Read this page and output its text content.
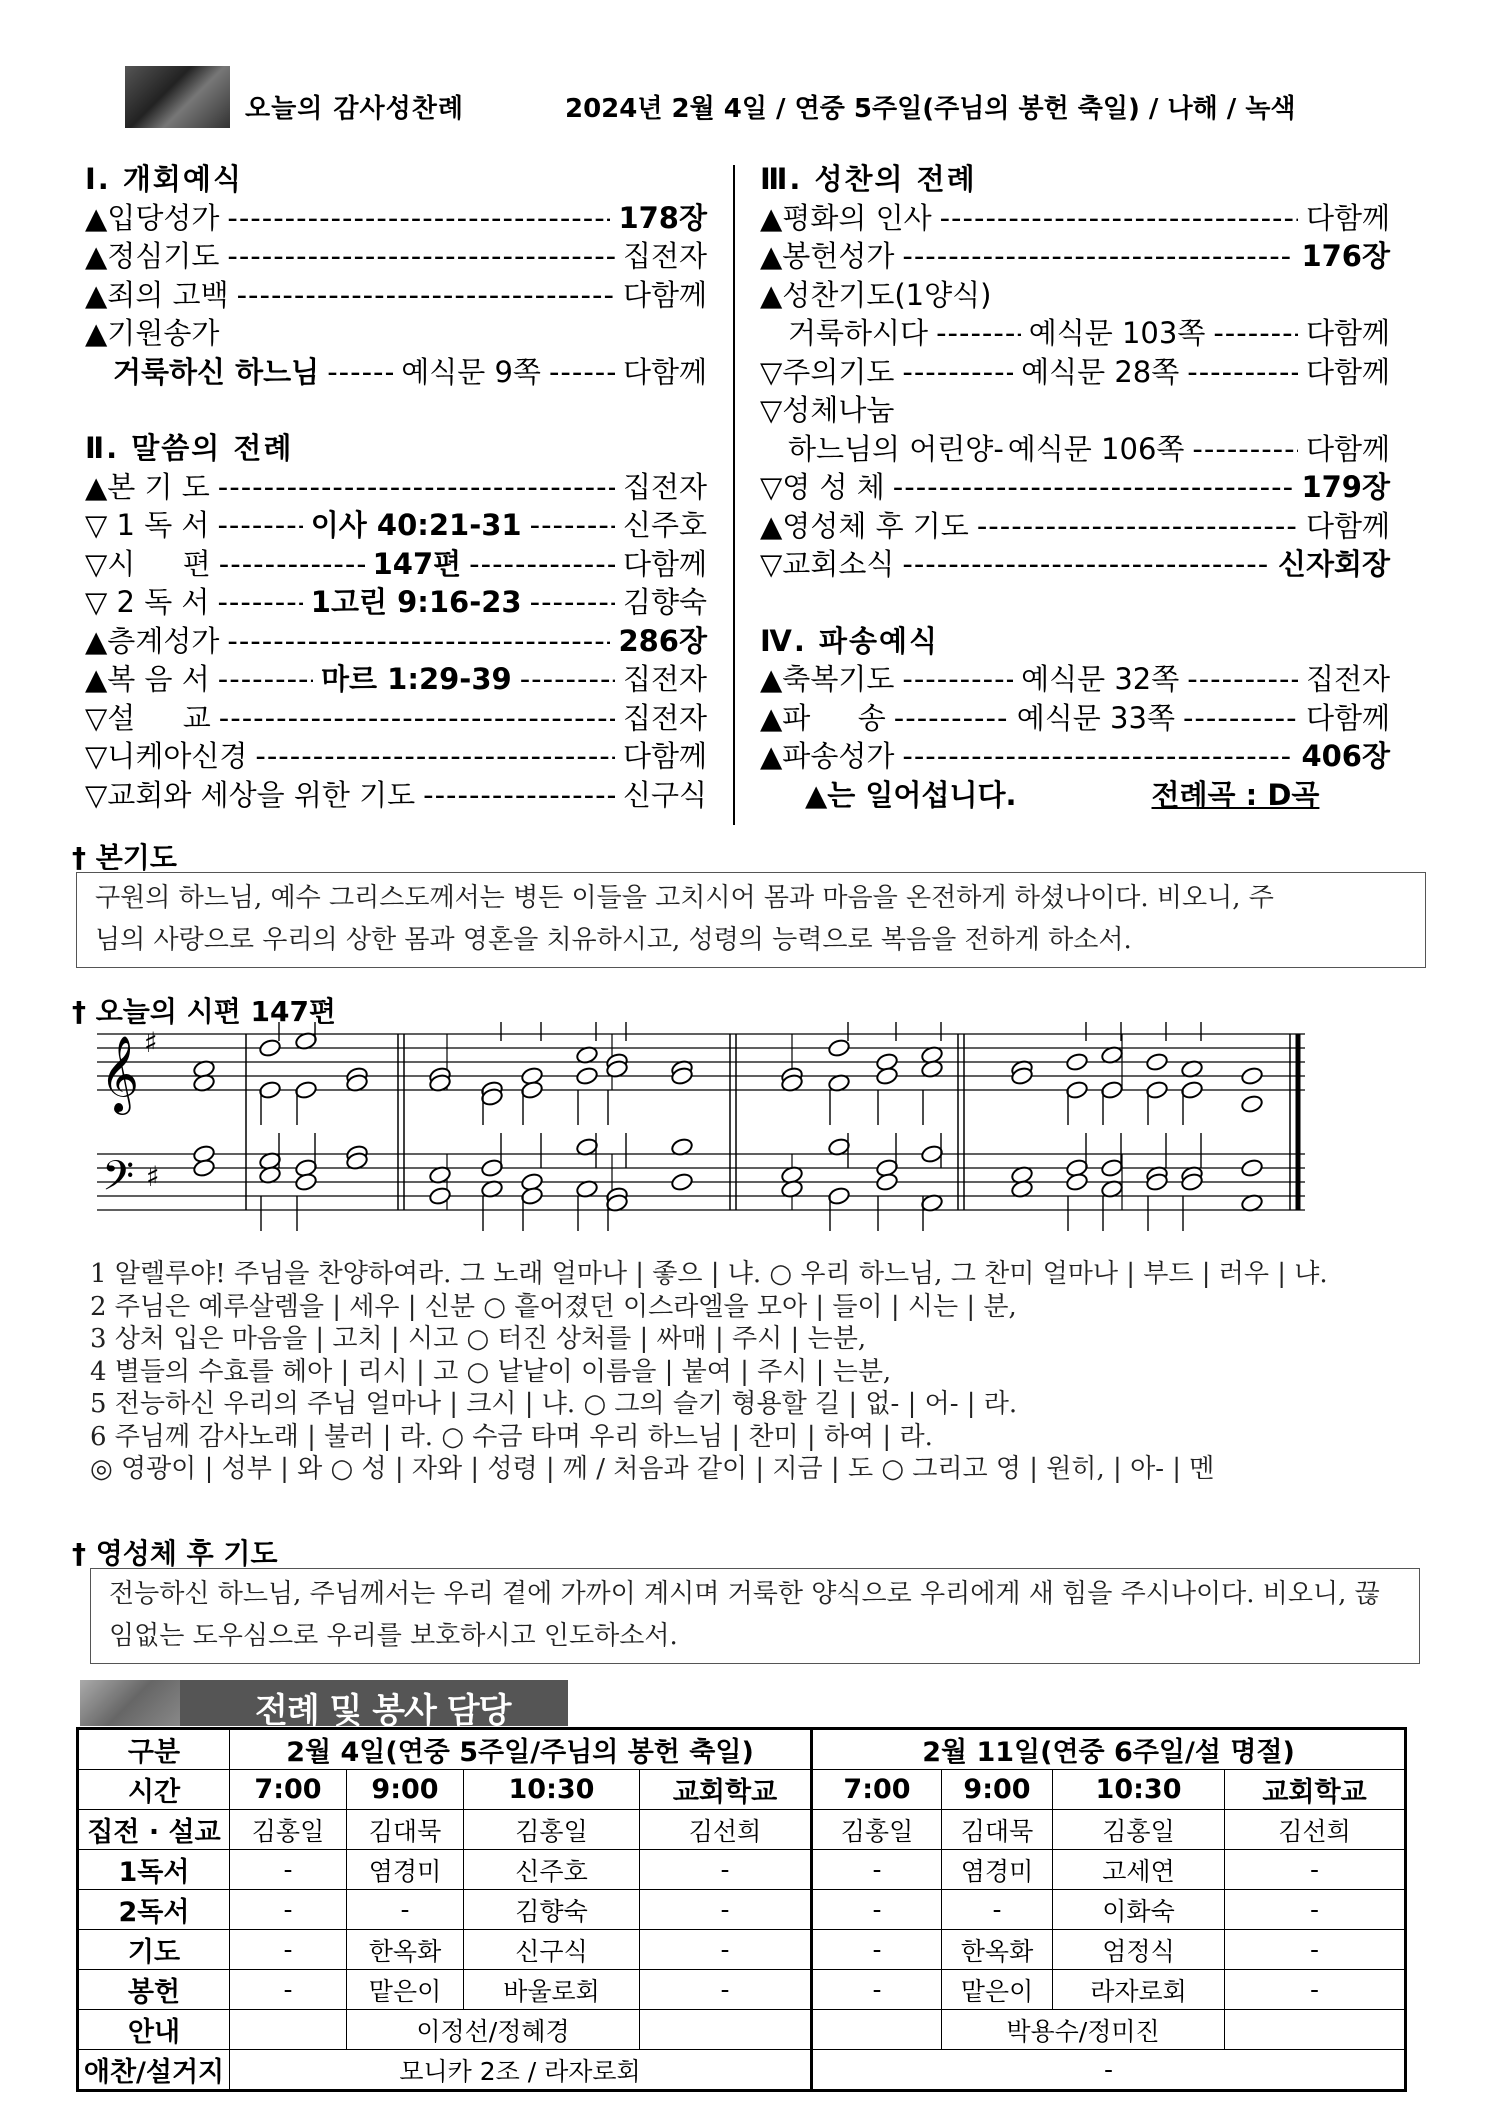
오늘의 감사성찬례	2024년 2월 4일 / 연중 5주일(주님의 봉헌 축일) / 나해 / 녹색
Ⅰ. 개회예식
▲입당성가 -----	178장
▲정심기도 -----	집전자
▲죄의 고백 -----	다함께
▲기원송가
거룩하신 하느님 -----	예식문 9쪽 -----	다함께
Ⅱ. 말씀의 전례
▲본 기 도 -----	집전자
▽ 1 독 서 -----	이사 40:21-31 -----	신주호
▽시 　 편 -----	147편 -----	다함께
▽ 2 독 서 -----	1고린 9:16-23 -----	김향숙
▲층계성가 -----	286장
▲복 음 서 -----	마르 1:29-39 -----	집전자
▽설 　 교 -----	집전자
▽니케아신경 -----	다함께
▽교회와 세상을 위한 기도 -----	신구식
Ⅲ. 성찬의 전례
▲평화의 인사 -----	다함께
▲봉헌성가 -----	176장
▲성찬기도(1양식)
거룩하시다 -----	예식문 103쪽 -----	다함께
▽주의기도 -----	예식문 28쪽 -----	다함께
▽성체나눔
하느님의 어린양- 예식문 106쪽 -----	다함께
▽영 성 체 -----	179장
▲영성체 후 기도 -----	다함께
▽교회소식 -----	신자회장
Ⅳ. 파송예식
▲축복기도 -----	예식문 32쪽 -----	집전자
▲파 　 송 -----	예식문 33쪽 -----	다함께
▲파송성가 -----	406장
▲는 일어섭니다.	전례곡 : D곡
† 본기도
구원의 하느님, 예수 그리스도께서는 병든 이들을 고치시어 몸과 마음을 온전하게 하셨나이다. 비오니, 주
님의 사랑으로 우리의 상한 몸과 영혼을 치유하시고, 성령의 능력으로 복음을 전하게 하소서.
† 오늘의 시편 147편
𝄞
𝄢
♯
♯
1 알렐루야! 주님을 찬양하여라. 그 노래 얼마나 | 좋으 | 냐. ○ 우리 하느님, 그 찬미 얼마나 | 부드 | 러우 | 냐.
2 주님은 예루살렘을 | 세우 | 신분 ○ 흩어졌던 이스라엘을 모아 | 들이 | 시는 | 분,
3 상처 입은 마음을 | 고치 | 시고 ○ 터진 상처를 | 싸매 | 주시 | 는분,
4 별들의 수효를 헤아 | 리시 | 고 ○ 낱낱이 이름을 | 붙여 | 주시 | 는분,
5 전능하신 우리의 주님 얼마나 | 크시 | 냐. ○ 그의 슬기 형용할 길 | 없- | 어- | 라.
6 주님께 감사노래 | 불러 | 라. ○ 수금 타며 우리 하느님 | 찬미 | 하여 | 라.
◎ 영광이 | 성부 | 와 ○ 성 | 자와 | 성령 | 께 / 처음과 같이 | 지금 | 도 ○ 그리고 영 | 원히, | 아- | 멘
† 영성체 후 기도
전능하신 하느님, 주님께서는 우리 곁에 가까이 계시며 거룩한 양식으로 우리에게 새 힘을 주시나이다. 비오니, 끊
임없는 도우심으로 우리를 보호하시고 인도하소서.
전례 및 봉사 담당
구분	2월 4일(연중 5주일/주님의 봉헌 축일)				2월 11일(연중 6주일/설 명절)			
시간	7:00	9:00	10:30	교회학교	7:00	9:00	10:30	교회학교
집전 · 설교	김홍일	김대묵	김홍일	김선희	김홍일	김대묵	김홍일	김선희
1독서	-	염경미	신주호	-	-	염경미	고세연	-
2독서	-	-	김향숙	-	-	-	이화숙	-
기도	-	한옥화	신구식	-	-	한옥화	엄정식	-
봉헌	-	맡은이	바울로회	-	-	맡은이	라자로회	-
안내		이정선/정혜경				박용수/정미진		
애찬/설거지	모니카 2조 / 라자로회				-			
